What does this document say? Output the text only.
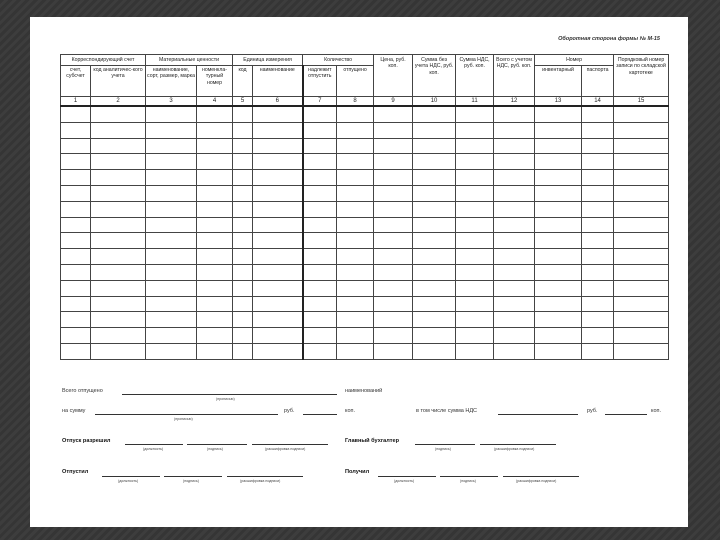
Оборотная сторона формы № М-15
Корреспондирующий счет		Материальные ценности		Единица измерения		Количество		Цена, руб. коп.	Сумма без учета НДС, руб. коп.	Сумма НДС, руб. коп.	Всего с учетом НДС, руб. коп.	Номер		Порядковый номер записи по складской картотеке
счет, субсчет	код аналитичес-кого учета	наименование, сорт, размер, марка	номенкла-турный номер	код	наименование	надлежит отпустить	отпущено					инвентарный	паспорта	
1	2	3	4	5	6	7	8	9	10	11	12	13	14	15

Всего отпущено
(прописью)
наименований
на сумму
(прописью)
руб.	коп.	в том числе сумма НДС	руб.	коп.
Отпуск разрешил
(должность)	(подпись)	(расшифровка подписи)
Главный бухгалтер
(подпись)	(расшифровка подписи)
Отпустил
(должность)	(подпись)	(расшифровка подписи)
Получил
(должность)	(подпись)	(расшифровка подписи)
